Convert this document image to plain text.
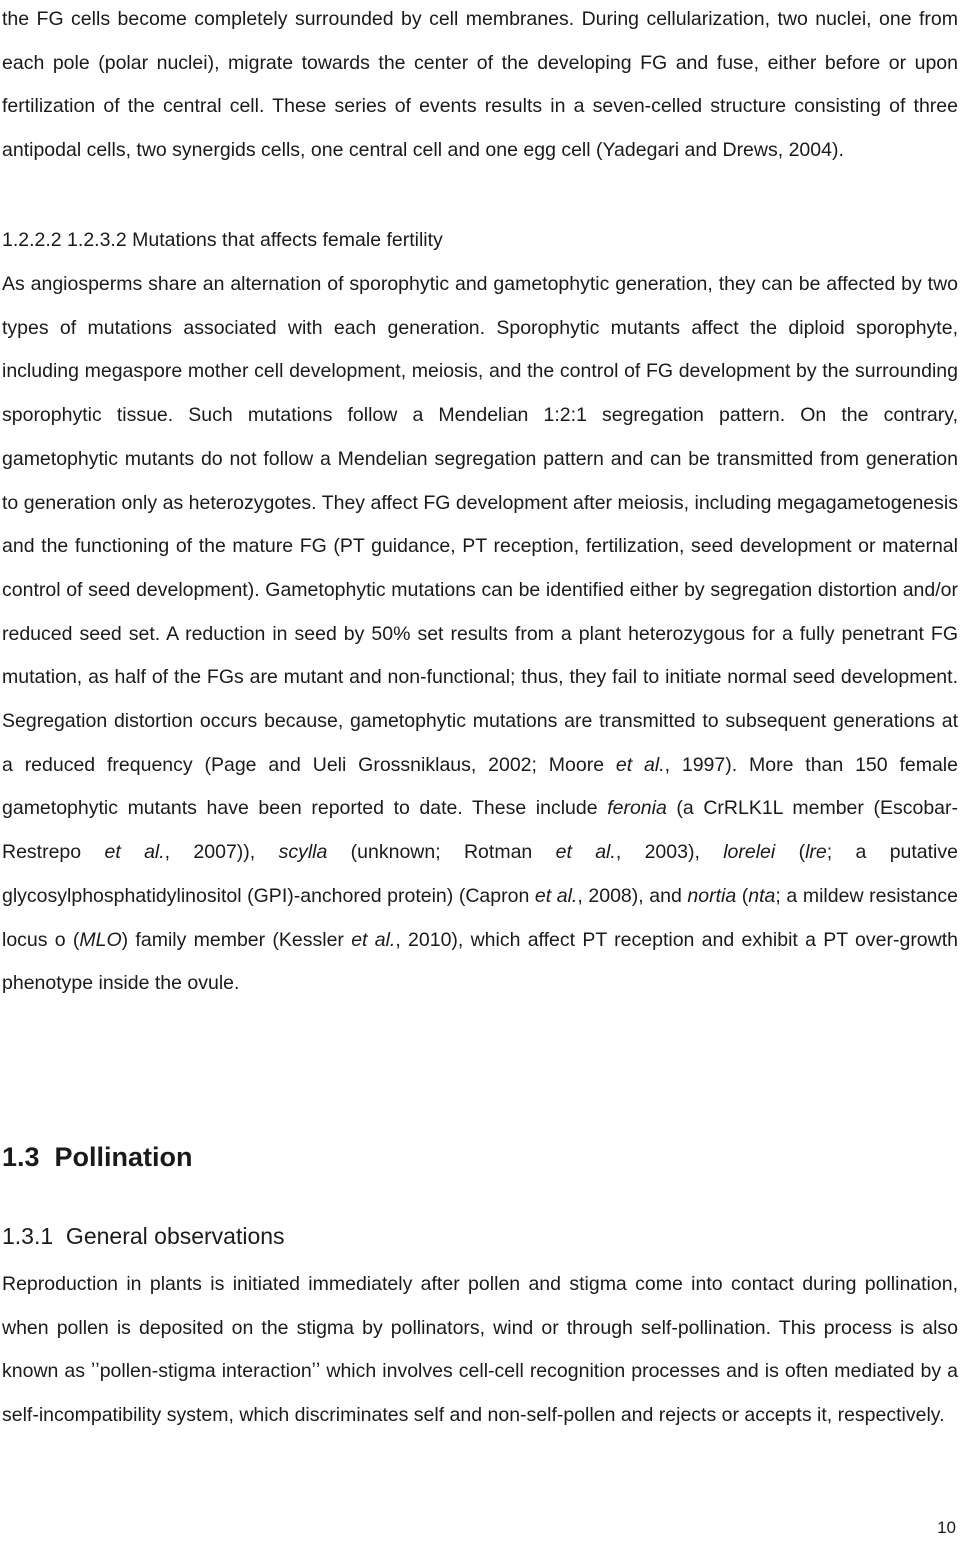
the FG cells become completely surrounded by cell membranes. During cellularization, two nuclei, one from each pole (polar nuclei), migrate towards the center of the developing FG and fuse, either before or upon fertilization of the central cell. These series of events results in a seven-celled structure consisting of three antipodal cells, two synergids cells, one central cell and one egg cell (Yadegari and Drews, 2004).

1.2.2.2 1.2.3.2 Mutations that affects female fertility

As angiosperms share an alternation of sporophytic and gametophytic generation, they can be affected by two types of mutations associated with each generation. Sporophytic mutants affect the diploid sporophyte, including megaspore mother cell development, meiosis, and the control of FG development by the surrounding sporophytic tissue. Such mutations follow a Mendelian 1:2:1 segregation pattern. On the contrary, gametophytic mutants do not follow a Mendelian segregation pattern and can be transmitted from generation to generation only as heterozygotes. They affect FG development after meiosis, including megagametogenesis and the functioning of the mature FG (PT guidance, PT reception, fertilization, seed development or maternal control of seed development). Gametophytic mutations can be identified either by segregation distortion and/or reduced seed set. A reduction in seed by 50% set results from a plant heterozygous for a fully penetrant FG mutation, as half of the FGs are mutant and non-functional; thus, they fail to initiate normal seed development. Segregation distortion occurs because, gametophytic mutations are transmitted to subsequent generations at a reduced frequency (Page and Ueli Grossniklaus, 2002; Moore et al., 1997). More than 150 female gametophytic mutants have been reported to date. These include feronia (a CrRLK1L member (Escobar-Restrepo et al., 2007)), scylla (unknown; Rotman et al., 2003), lorelei (lre; a putative glycosylphosphatidylinositol (GPI)-anchored protein) (Capron et al., 2008), and nortia (nta; a mildew resistance locus o (MLO) family member (Kessler et al., 2010), which affect PT reception and exhibit a PT over-growth phenotype inside the ovule.

1.3  Pollination
1.3.1  General observations

Reproduction in plants is initiated immediately after pollen and stigma come into contact during pollination, when pollen is deposited on the stigma by pollinators, wind or through self-pollination. This process is also known as ʼʼpollen-stigma interactionʼʼ which involves cell-cell recognition processes and is often mediated by a self-incompatibility system, which discriminates self and non-self-pollen and rejects or accepts it, respectively.

10
